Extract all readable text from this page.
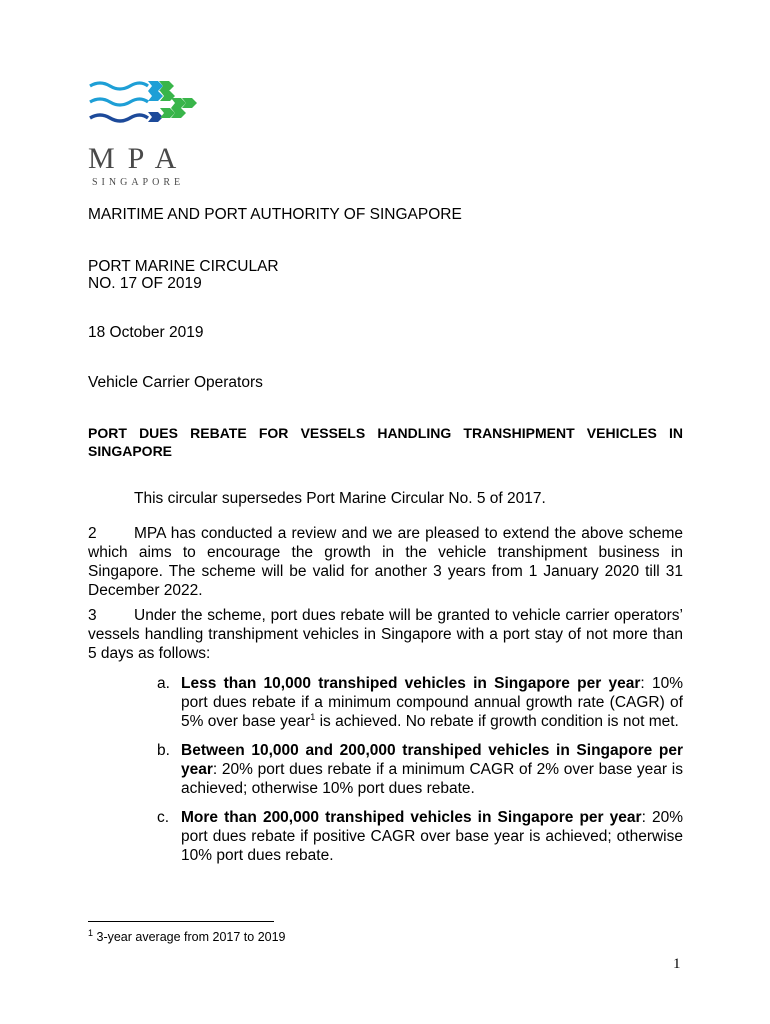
MPA
SINGAPORE
MARITIME AND PORT AUTHORITY OF SINGAPORE
PORT MARINE CIRCULAR
NO. 17 OF 2019
18 October 2019
Vehicle Carrier Operators
PORT DUES REBATE FOR VESSELS HANDLING TRANSHIPMENT VEHICLES IN
SINGAPORE
This circular supersedes Port Marine Circular No. 5 of 2017.
2 MPA has conducted a review and we are pleased to extend the above scheme which aims to encourage the growth in the vehicle transhipment business in Singapore. The scheme will be valid for another 3 years from 1 January 2020 till 31 December 2022.
3 Under the scheme, port dues rebate will be granted to vehicle carrier operators’ vessels handling transhipment vehicles in Singapore with a port stay of not more than 5 days as follows:
a. Less than 10,000 transhiped vehicles in Singapore per year: 10% port dues rebate if a minimum compound annual growth rate (CAGR) of 5% over base year$^1$ is achieved. No rebate if growth condition is not met.
b. Between 10,000 and 200,000 transhiped vehicles in Singapore per year: 20% port dues rebate if a minimum CAGR of 2% over base year is achieved; otherwise 10% port dues rebate.
c. More than 200,000 transhiped vehicles in Singapore per year: 20% port dues rebate if positive CAGR over base year is achieved; otherwise 10% port dues rebate.
$^1$ 3-year average from 2017 to 2019
1
